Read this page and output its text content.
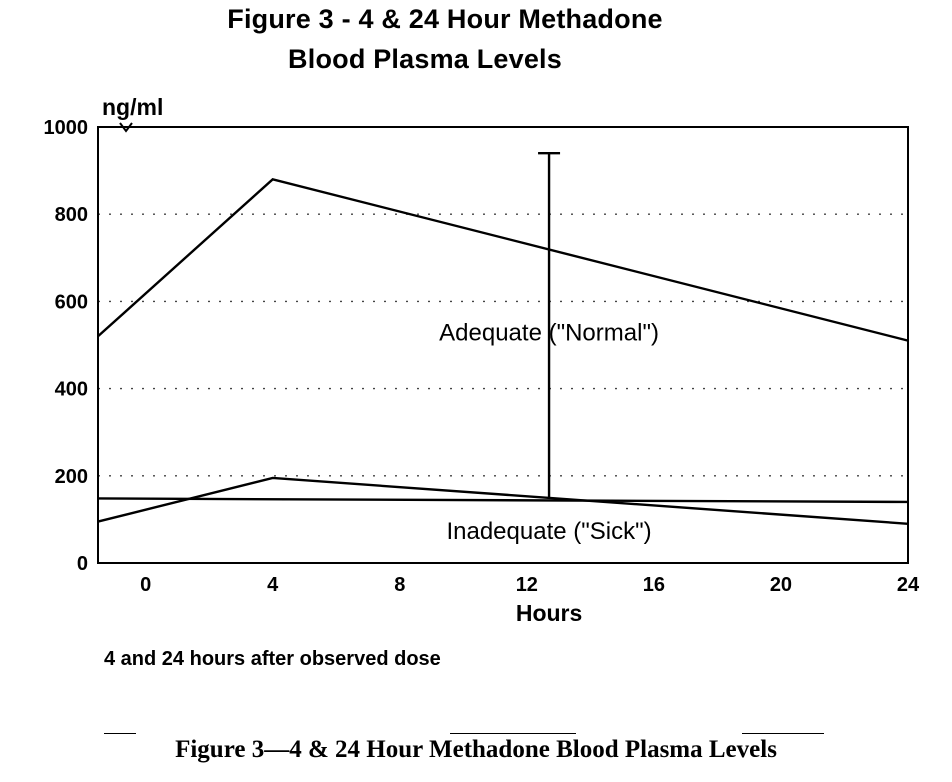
Figure 3 - 4 & 24 Hour Methadone
Blood Plasma Levels
0
200
400
600
800
1000
0	4	8	12	16	20	24
ng/ml
Hours
Adequate ("Normal")
Inadequate ("Sick")
4 and 24 hours after observed dose
Figure 3—4 & 24 Hour Methadone Blood Plasma Levels
